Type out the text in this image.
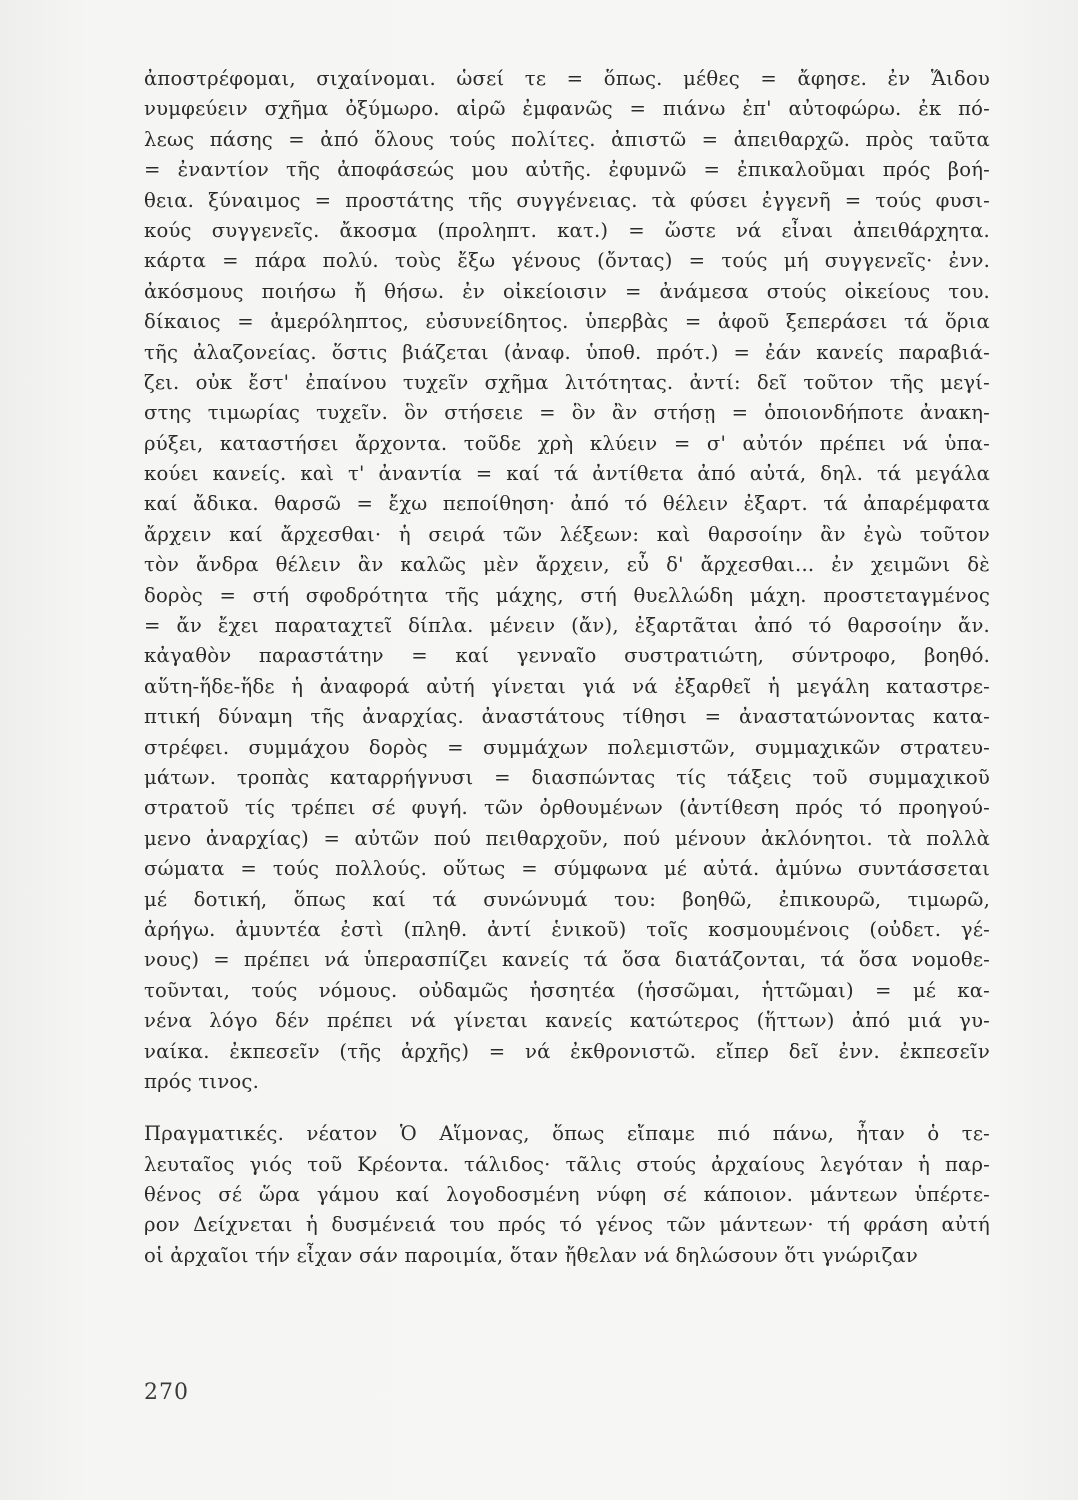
ἀποστρέφομαι, σιχαίνομαι. ὡσεί τε = ὅπως. μέθες = ἄφησε. ἐν Ἅιδου
νυμφεύειν σχῆμα ὀξύμωρο. αἱρῶ ἐμφανῶς = πιάνω ἐπ' αὐτοφώρω. ἐκ πό-
λεως πάσης = ἀπό ὅλους τούς πολίτες. ἀπιστῶ = ἀπειθαρχῶ. πρὸς ταῦτα
= ἐναντίον τῆς ἀποφάσεώς μου αὐτῆς. ἐφυμνῶ = ἐπικαλοῦμαι πρός βοή-
θεια. ξύναιμος = προστάτης τῆς συγγένειας. τὰ φύσει ἐγγενῆ = τούς φυσι-
κούς συγγενεῖς. ἄκοσμα (προληπτ. κατ.) = ὥστε νά εἶναι ἀπειθάρχητα.
κάρτα = πάρα πολύ. τοὺς ἔξω γένους (ὄντας) = τούς μή συγγενεῖς· ἐνν.
ἀκόσμους ποιήσω ἤ θήσω. ἐν οἰκείοισιν = ἀνάμεσα στούς οἰκείους του.
δίκαιος = ἀμερόληπτος, εὐσυνείδητος. ὑπερβὰς = ἀφοῦ ξεπεράσει τά ὅρια
τῆς ἀλαζονείας. ὅστις βιάζεται (ἀναφ. ὑποθ. πρότ.) = ἐάν κανείς παραβιά-
ζει. οὐκ ἔστ' ἐπαίνου τυχεῖν σχῆμα λιτότητας. ἀντί: δεῖ τοῦτον τῆς μεγί-
στης τιμωρίας τυχεῖν. ὃν στήσειε = ὃν ἂν στήσῃ = ὁποιονδήποτε ἀνακη-
ρύξει, καταστήσει ἄρχοντα. τοῦδε χρὴ κλύειν = σ' αὐτόν πρέπει νά ὑπα-
κούει κανείς. καὶ τ' ἀναντία = καί τά ἀντίθετα ἀπό αὐτά, δηλ. τά μεγάλα
καί ἄδικα. θαρσῶ = ἔχω πεποίθηση· ἀπό τό θέλειν ἐξαρτ. τά ἀπαρέμφατα
ἄρχειν καί ἄρχεσθαι· ἡ σειρά τῶν λέξεων: καὶ θαρσοίην ἂν ἐγὼ τοῦτον
τὸν ἄνδρα θέλειν ἂν καλῶς μὲν ἄρχειν, εὖ δ' ἄρχεσθαι... ἐν χειμῶνι δὲ
δορὸς = στή σφοδρότητα τῆς μάχης, στή θυελλώδη μάχη. προστεταγμένος
= ἄν ἔχει παραταχτεῖ δίπλα. μένειν (ἄν), ἐξαρτᾶται ἀπό τό θαρσοίην ἄν.
κἀγαθὸν παραστάτην = καί γενναῖο συστρατιώτη, σύντροφο, βοηθό.
αὕτη-ἥδε-ἥδε ἡ ἀναφορά αὐτή γίνεται γιά νά ἐξαρθεῖ ἡ μεγάλη καταστρε-
πτική δύναμη τῆς ἀναρχίας. ἀναστάτους τίθησι = ἀναστατώνοντας κατα-
στρέφει. συμμάχου δορὸς = συμμάχων πολεμιστῶν, συμμαχικῶν στρατευ-
μάτων. τροπὰς καταρρήγνυσι = διασπώντας τίς τάξεις τοῦ συμμαχικοῦ
στρατοῦ τίς τρέπει σέ φυγή. τῶν ὀρθουμένων (ἀντίθεση πρός τό προηγού-
μενο ἀναρχίας) = αὐτῶν πού πειθαρχοῦν, πού μένουν ἀκλόνητοι. τὰ πολλὰ
σώματα = τούς πολλούς. οὕτως = σύμφωνα μέ αὐτά. ἀμύνω συντάσσεται
μέ δοτική, ὅπως καί τά συνώνυμά του: βοηθῶ, ἐπικουρῶ, τιμωρῶ,
ἀρήγω. ἀμυντέα ἐστὶ (πληθ. ἀντί ἑνικοῦ) τοῖς κοσμουμένοις (οὐδετ. γέ-
νους) = πρέπει νά ὑπερασπίζει κανείς τά ὅσα διατάζονται, τά ὅσα νομοθε-
τοῦνται, τούς νόμους. οὐδαμῶς ἡσσητέα (ἡσσῶμαι, ἡττῶμαι) = μέ κα-
νένα λόγο δέν πρέπει νά γίνεται κανείς κατώτερος (ἥττων) ἀπό μιά γυ-
ναίκα. ἐκπεσεῖν (τῆς ἀρχῆς) = νά ἐκθρονιστῶ. εἴπερ δεῖ ἐνν. ἐκπεσεῖν
πρός τινος.
Πραγματικές. νέατον Ὁ Αἵμονας, ὅπως εἴπαμε πιό πάνω, ἦταν ὁ τε-
λευταῖος γιός τοῦ Κρέοντα. τάλιδος· τᾶλις στούς ἀρχαίους λεγόταν ἡ παρ-
θένος σέ ὥρα γάμου καί λογοδοσμένη νύφη σέ κάποιον. μάντεων ὑπέρτε-
ρον Δείχνεται ἡ δυσμένειά του πρός τό γένος τῶν μάντεων· τή φράση αὐτή
οἱ ἀρχαῖοι τήν εἶχαν σάν παροιμία, ὅταν ἤθελαν νά δηλώσουν ὅτι γνώριζαν
270
